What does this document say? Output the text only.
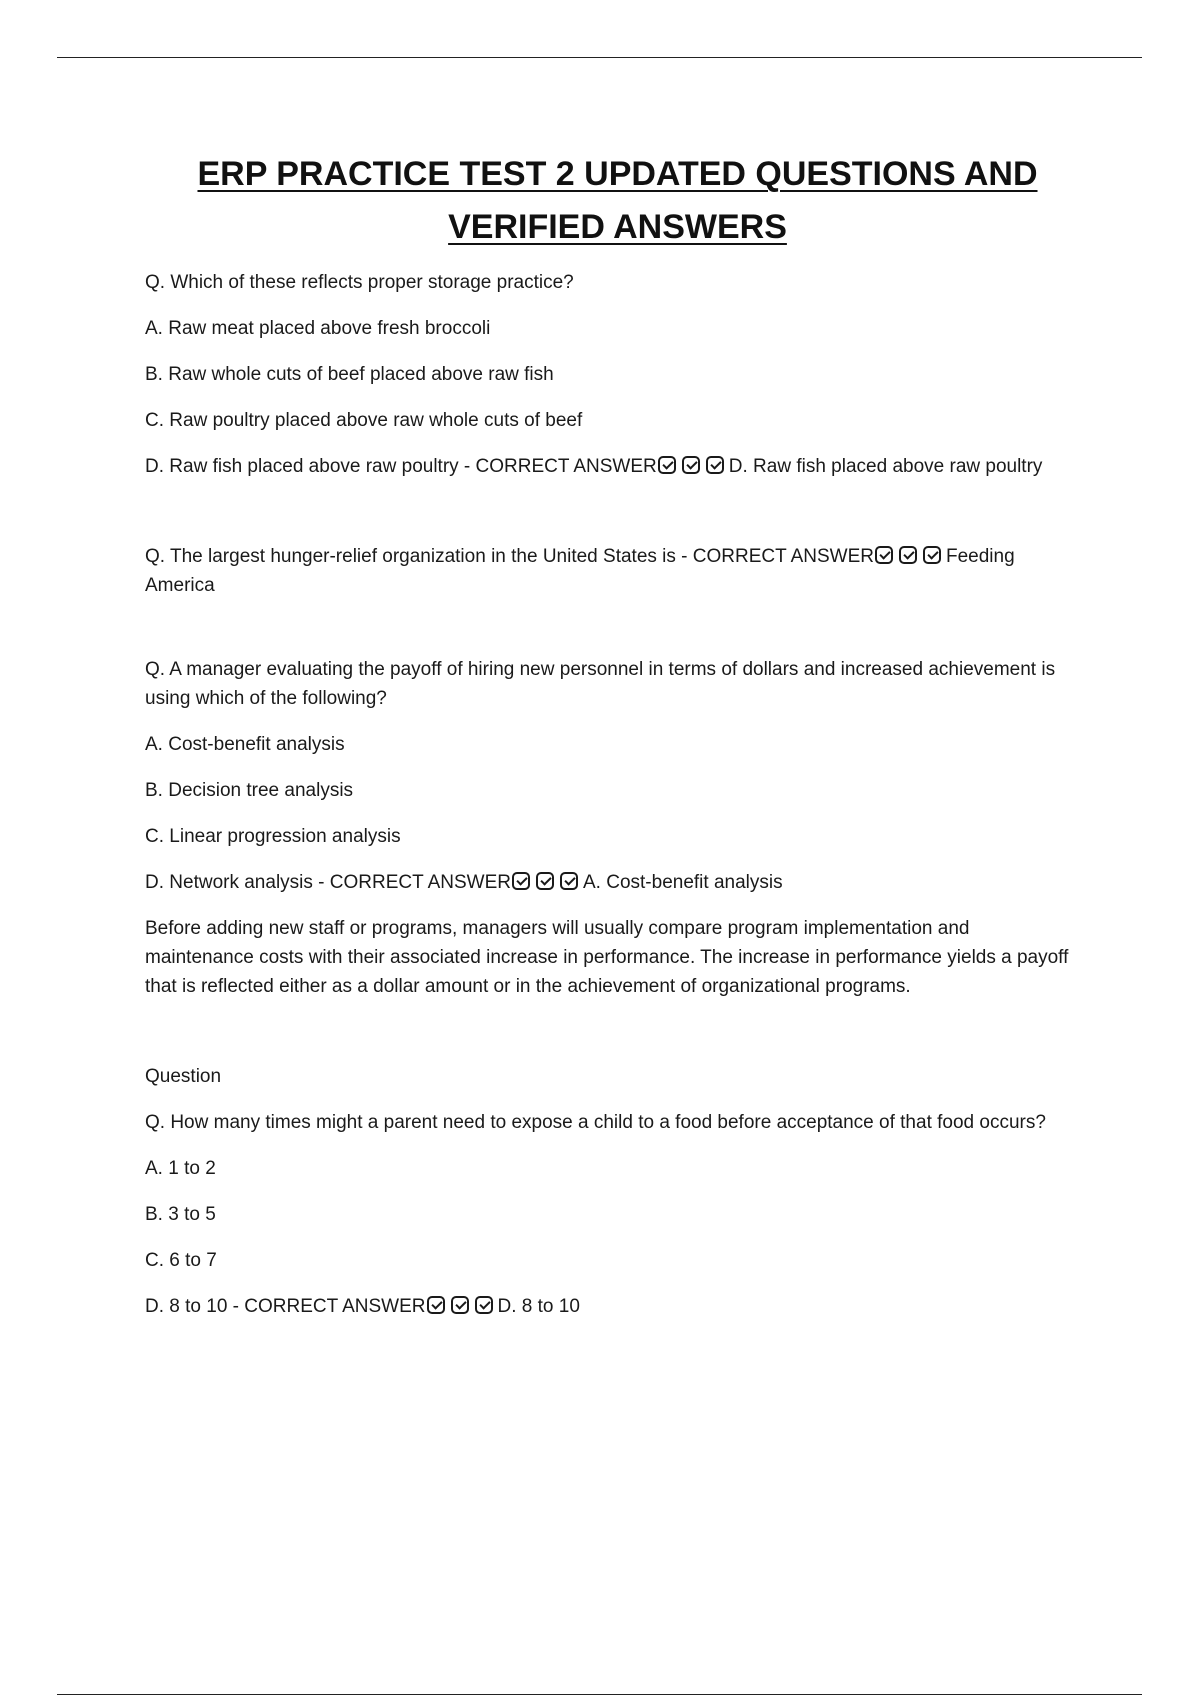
ERP PRACTICE TEST 2 UPDATED QUESTIONS AND
VERIFIED ANSWERS

Q. Which of these reflects proper storage practice?

A. Raw meat placed above fresh broccoli

B. Raw whole cuts of beef placed above raw fish

C. Raw poultry placed above raw whole cuts of beef

D. Raw fish placed above raw poultry - CORRECT ANSWER	D. Raw fish placed above raw poultry

Q. The largest hunger-relief organization in the United States is - CORRECT ANSWER	Feeding America

Q. A manager evaluating the payoff of hiring new personnel in terms of dollars and increased achievement is using which of the following?

A. Cost-benefit analysis

B. Decision tree analysis

C. Linear progression analysis

D. Network analysis - CORRECT ANSWER	A. Cost-benefit analysis

Before adding new staff or programs, managers will usually compare program implementation and maintenance costs with their associated increase in performance. The increase in performance yields a payoff that is reflected either as a dollar amount or in the achievement of organizational programs.

Question

Q. How many times might a parent need to expose a child to a food before acceptance of that food occurs?

A. 1 to 2

B. 3 to 5

C. 6 to 7

D. 8 to 10 - CORRECT ANSWER	D. 8 to 10
